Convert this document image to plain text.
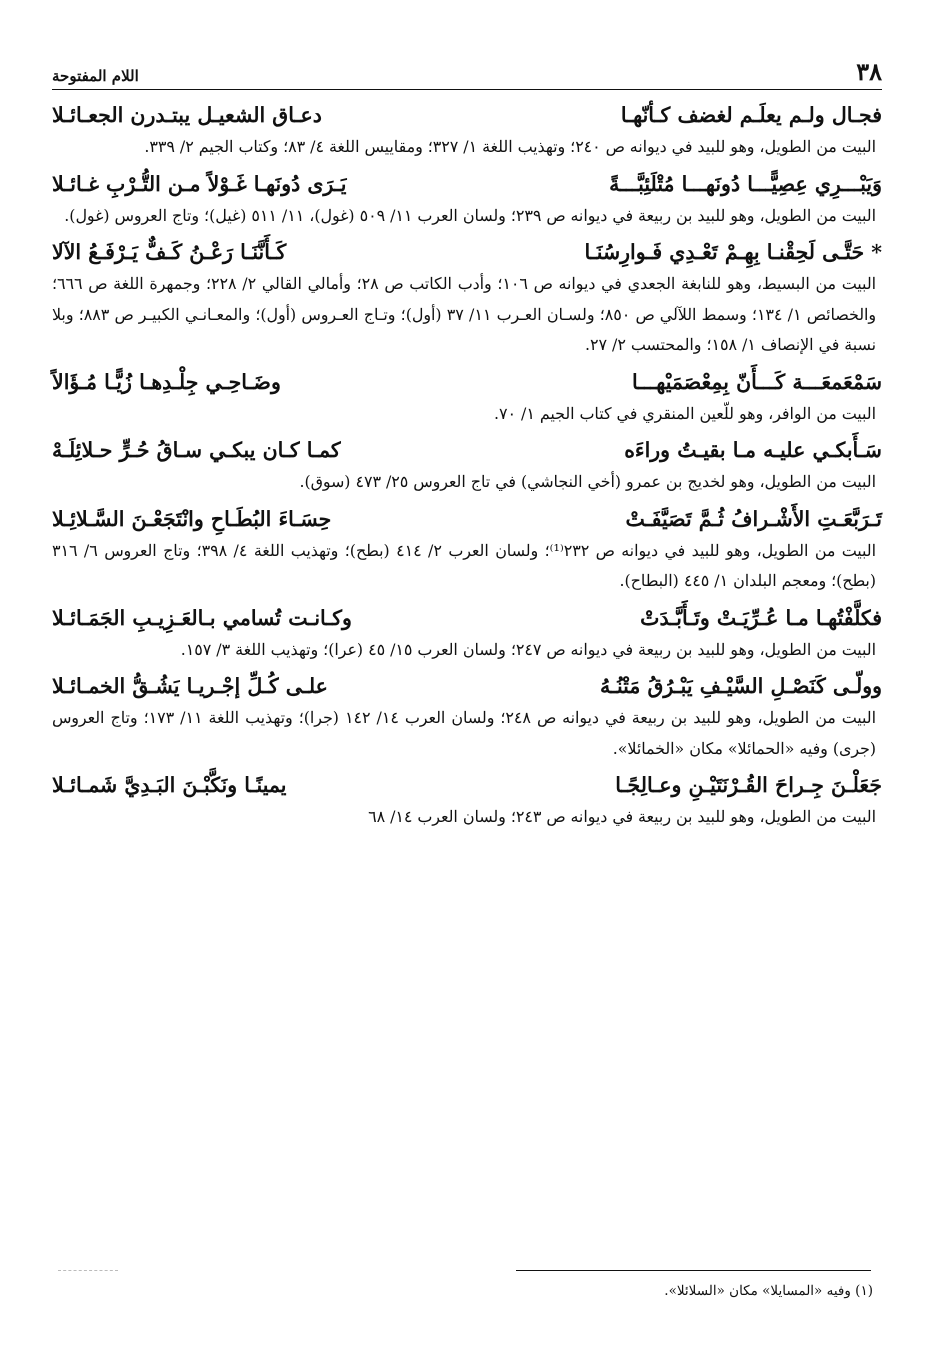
٣٨
اللام المفتوحة
فجـال ولـم يعلَـم لغضف كـأنّهـا
دعـاق الشعيـل يبتـدرن الجعـائـلا
البيت من الطويل، وهو للبيد في ديوانه ص ٢٤٠؛ وتهذيب اللغة ١/ ٣٢٧؛ ومقاييس اللغة ٤/ ٨٣؛ وكتاب الجيم ٢/ ٣٣٩.
وَيَبْـــرِي عِصِيًّـــا دُونَهـــا مُتْلَئِبَّـــةً
يَـرَى دُونَهـا غَـوْلاً مـن التُّـرْبِ غـائـلا
البيت من الطويل، وهو للبيد بن ربيعة في ديوانه ص ٢٣٩؛ ولسان العرب ١١/ ٥٠٩ (غول)، ١١/ ٥١١ (غيل)؛ وتاج العروس (غول).
* حَتَّـى لَحِقْنـا بِهِـمْ تَعْـدِي فَـوارِسُنَـا
كَـأَنَّنَـا رَعْـنُ كَـفٌّ يَـرْفَـعُ الآلا
البيت من البسيط، وهو للنابغة الجعدي في ديوانه ص ١٠٦؛ وأدب الكاتب ص ٢٨؛ وأمالي القالي ٢/ ٢٢٨؛ وجمهرة اللغة ص ٦٦٦؛ والخصائص ١/ ١٣٤؛ وسمط اللآلي ص ٨٥٠؛ ولسـان العـرب ١١/ ٣٧ (أول)؛ وتـاج العـروس (أول)؛ والمعـانـي الكبيـر ص ٨٨٣؛ وبلا نسبة في الإنصاف ١/ ١٥٨؛ والمحتسب ٢/ ٢٧.
سَمْعَمعَـــة كَـــأَنّ بِمِعْصَمَيْهـــا
وضَـاحِـي جِلْـدِهـا زُيًّـا مُـؤَالاً
البيت من الوافر، وهو للّعين المنقري في كتاب الجيم ١/ ٧٠.
سَـأَبكـي عليـه مـا بقيـتُ وراءَه
كمـا كـان يبكـي سـاقُ حُـرٍّ حـلائِلَـهْ
البيت من الطويل، وهو لخديج بن عمرو (أخي النجاشي) في تاج العروس ٢٥/ ٤٧٣ (سوق).
تَـرَبَّعَـتِ الأَشْـرافُ ثُـمَّ تَصَيَّفَـتْ
حِسَـاءَ البُطَـاحِ وانْتَجَعْـنَ السَّـلائِـلا
البيت من الطويل، وهو للبيد في ديوانه ص ٢٣٢⁽¹⁾؛ ولسان العرب ٢/ ٤١٤ (بطح)؛ وتهذيب اللغة ٤/ ٣٩٨؛ وتاج العروس ٦/ ٣١٦ (بطح)؛ ومعجم البلدان ١/ ٤٤٥ (البطاح).
فكلَّفْتُهـا مـا عُـرِّيَـتْ وتَـأَبَّـدَتْ
وكـانـت تُسامي بـالعَـزِيـبِ الجَمَـائـلا
البيت من الطويل، وهو للبيد بن ربيعة في ديوانه ص ٢٤٧؛ ولسان العرب ١٥/ ٤٥ (عرا)؛ وتهذيب اللغة ٣/ ١٥٧.
وولّـى كَنَصْـلِ السَّيْـفِ يَبْـرُقُ مَتْنُـهُ
علـى كُـلِّ إجْـريـا يَشُـقُّ الخمـائـلا
البيت من الطويل، وهو للبيد بن ربيعة في ديوانه ص ٢٤٨؛ ولسان العرب ١٤/ ١٤٢ (جرا)؛ وتهذيب اللغة ١١/ ١٧٣؛ وتاج العروس (جرى) وفيه «الحمائلا» مكان «الخمائلا».
جَعَلْـنَ جِـراحَ القُـرْنَتَيْـنِ وعـالِجًـا
يمينًـا ونَكَّبْـنَ البَـدِيَّ شَمـائـلا
البيت من الطويل، وهو للبيد بن ربيعة في ديوانه ص ٢٤٣؛ ولسان العرب ١٤/ ٦٨
(١) وفيه «المسايلا» مكان «السلائلا».
